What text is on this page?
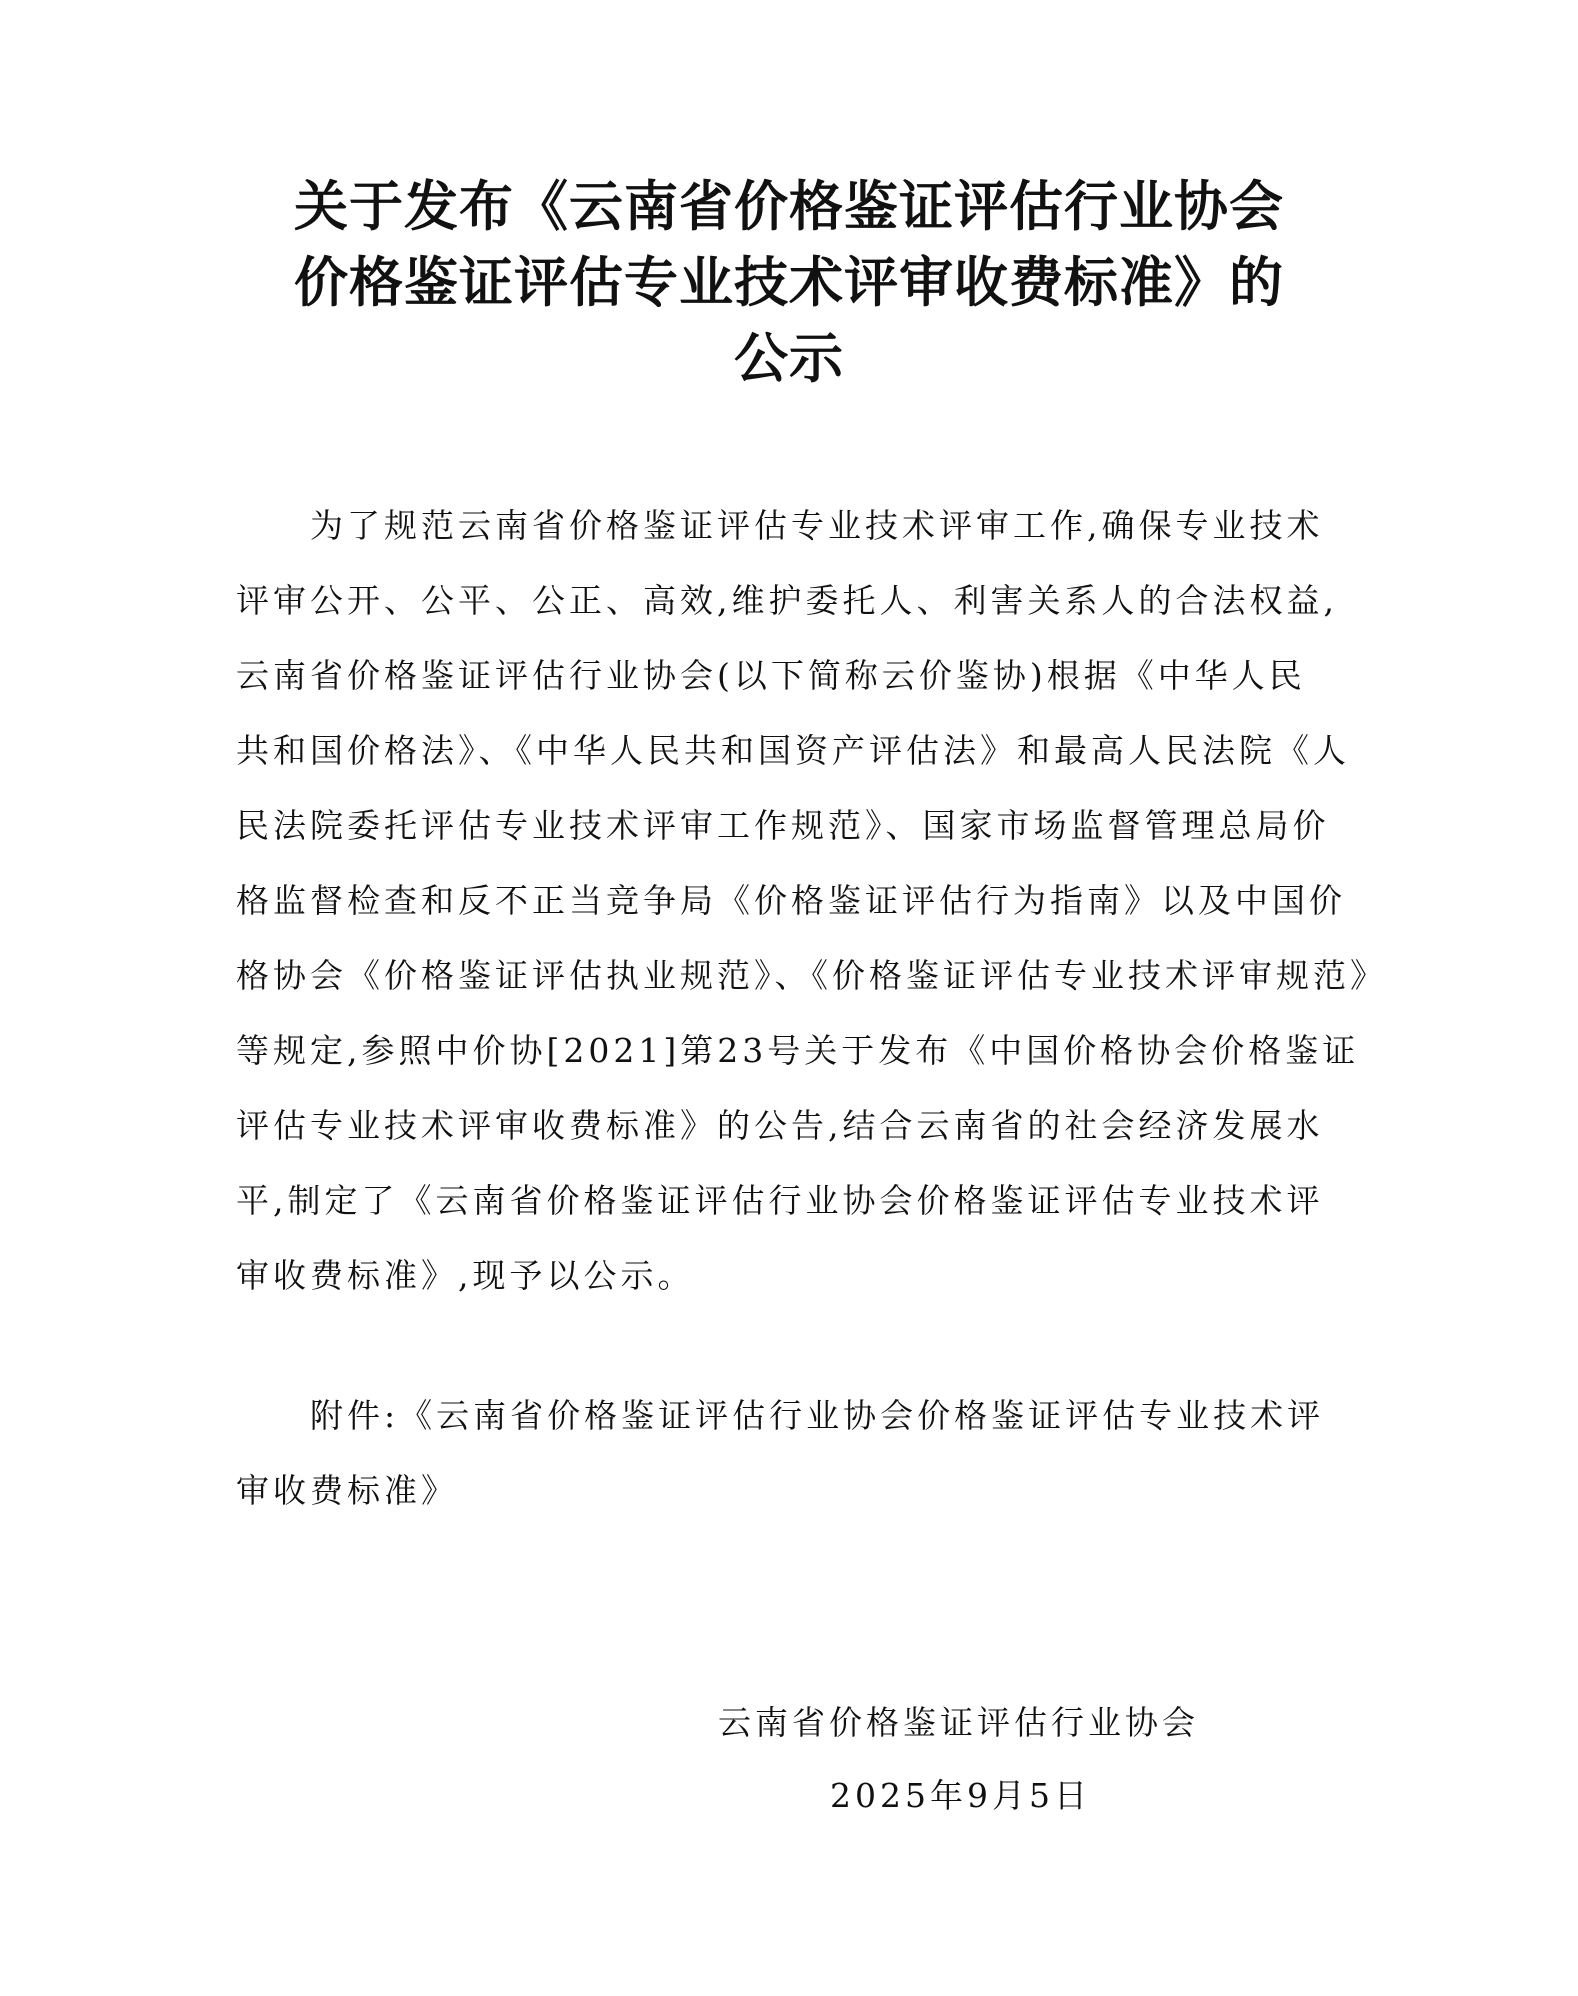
关于发布《云南省价格鉴证评估行业协会
价格鉴证评估专业技术评审收费标准》的
公示
为了规范云南省价格鉴证评估专业技术评审工作,确保专业技术
评审公开、公平、公正、高效,维护委托人、利害关系人的合法权益,
云南省价格鉴证评估行业协会(以下简称云价鉴协)根据《中华人民
共和国价格法》、《中华人民共和国资产评估法》和最高人民法院《人
民法院委托评估专业技术评审工作规范》、国家市场监督管理总局价
格监督检查和反不正当竞争局《价格鉴证评估行为指南》以及中国价
格协会《价格鉴证评估执业规范》、《价格鉴证评估专业技术评审规范》
等规定,参照中价协[2021]第23号关于发布《中国价格协会价格鉴证
评估专业技术评审收费标准》的公告,结合云南省的社会经济发展水
平,制定了《云南省价格鉴证评估行业协会价格鉴证评估专业技术评
审收费标准》,现予以公示。
附件:《云南省价格鉴证评估行业协会价格鉴证评估专业技术评
审收费标准》
云南省价格鉴证评估行业协会
2025年9月5日
